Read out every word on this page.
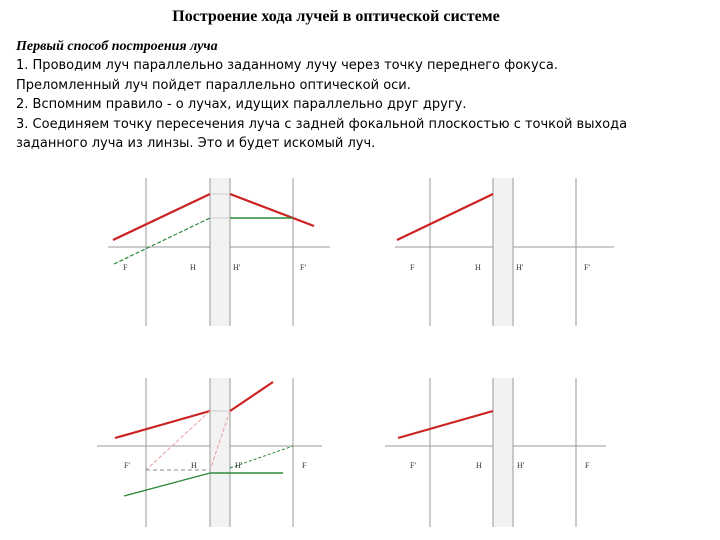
Построение хода лучей в оптической системе
Первый способ построения луча
1. Проводим луч параллельно заданному лучу через точку переднего фокуса.
Преломленный луч пойдет параллельно оптической оси.
2. Вспомним правило - о лучах, идущих параллельно друг другу.
3. Соединяем точку пересечения луча с задней фокальной плоскостью с точкой выхода
заданного луча из линзы. Это и будет искомый луч.
F	H	H'	F'	F	H	H'	F'
F'	H	H'	F	F'	H	H'	F
